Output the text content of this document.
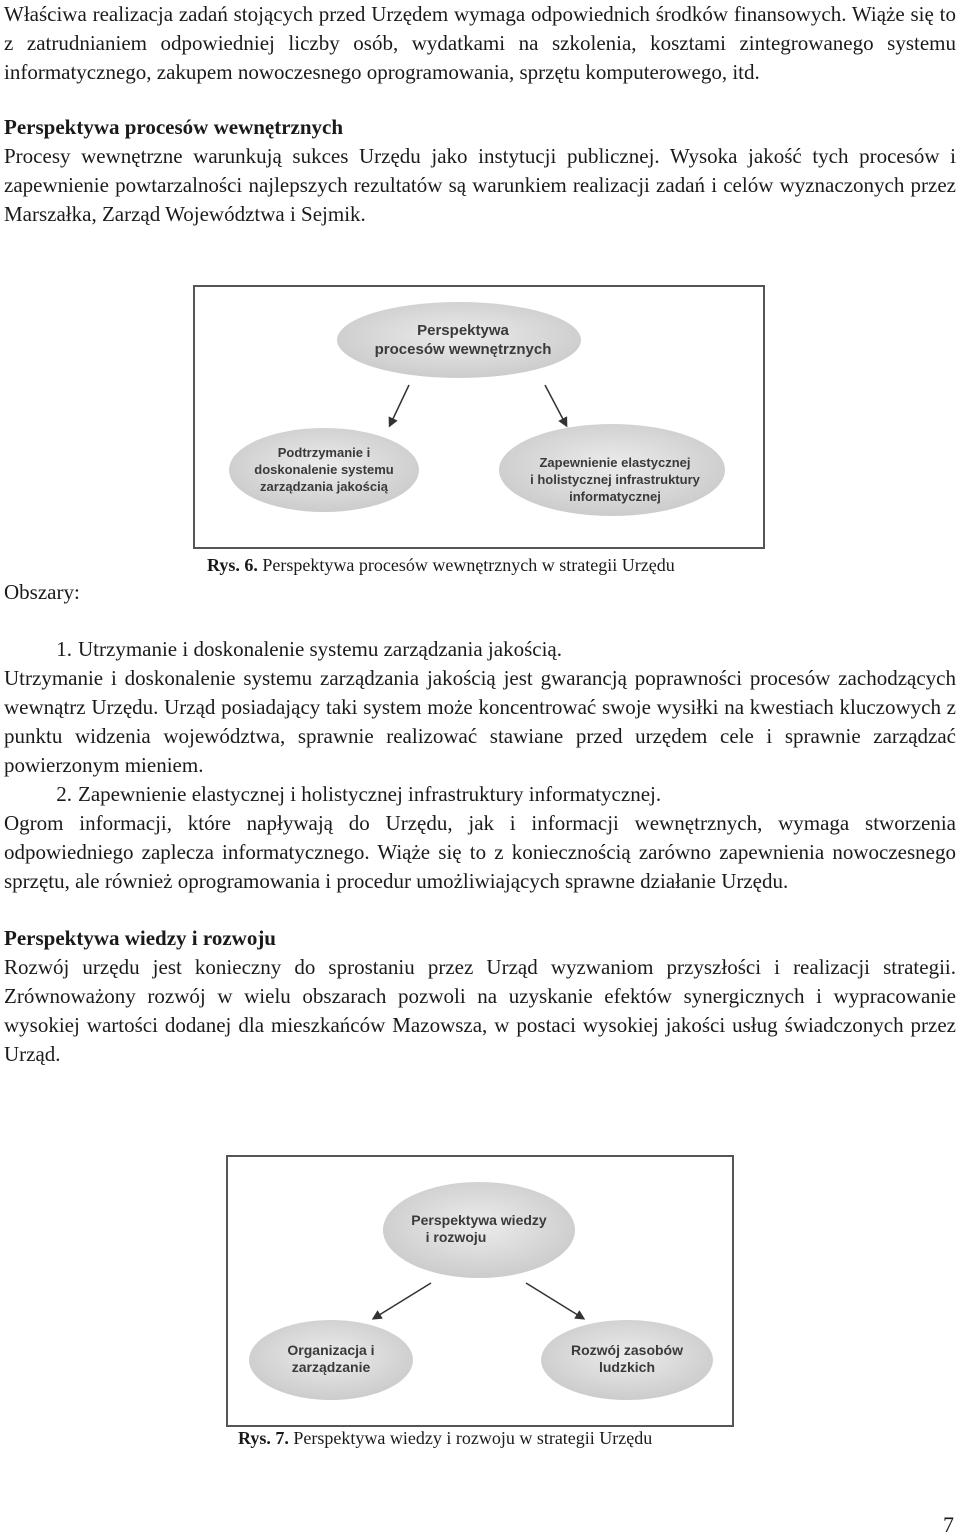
Właściwa realizacja zadań stojących przed Urzędem wymaga odpowiednich środków finansowych. Wiąże się to z zatrudnianiem odpowiedniej liczby osób, wydatkami na szkolenia, kosztami zintegrowanego systemu informatycznego, zakupem nowoczesnego oprogramowania, sprzętu komputerowego, itd.

Perspektywa procesów wewnętrznych

Procesy wewnętrzne warunkują sukces Urzędu jako instytucji publicznej. Wysoka jakość tych procesów i zapewnienie powtarzalności najlepszych rezultatów są warunkiem realizacji zadań i celów wyznaczonych przez Marszałka, Zarząd Województwa i Sejmik.

Perspektywa
procesów wewnętrznych
Podtrzymanie i
doskonalenie systemu
zarządzania jakością
Zapewnienie elastycznej
i holistycznej infrastruktury
informatycznej
Rys. 6. Perspektywa procesów wewnętrznych w strategii Urzędu
Obszary:
1. Utrzymanie i doskonalenie systemu zarządzania jakością.

Utrzymanie i doskonalenie systemu zarządzania jakością jest gwarancją poprawności procesów zachodzących wewnątrz Urzędu. Urząd posiadający taki system może koncentrować swoje wysiłki na kwestiach kluczowych z punktu widzenia województwa, sprawnie realizować stawiane przed urzędem cele i sprawnie zarządzać powierzonym mieniem.

2. Zapewnienie elastycznej i holistycznej infrastruktury informatycznej.

Ogrom informacji, które napływają do Urzędu, jak i informacji wewnętrznych, wymaga stworzenia odpowiedniego zaplecza informatycznego. Wiąże się to z koniecznością zarówno zapewnienia nowoczesnego sprzętu, ale również oprogramowania i procedur umożliwiających sprawne działanie Urzędu.

Perspektywa wiedzy i rozwoju

Rozwój urzędu jest konieczny do sprostaniu przez Urząd wyzwaniom przyszłości i realizacji strategii. Zrównoważony rozwój w wielu obszarach pozwoli na uzyskanie efektów synergicznych i wypracowanie wysokiej wartości dodanej dla mieszkańców Mazowsza, w postaci wysokiej jakości usług świadczonych przez Urząd.

Perspektywa wiedzy
i rozwoju
Organizacja i
zarządzanie
Rozwój zasobów
ludzkich
Rys. 7. Perspektywa wiedzy i rozwoju w strategii Urzędu
7
